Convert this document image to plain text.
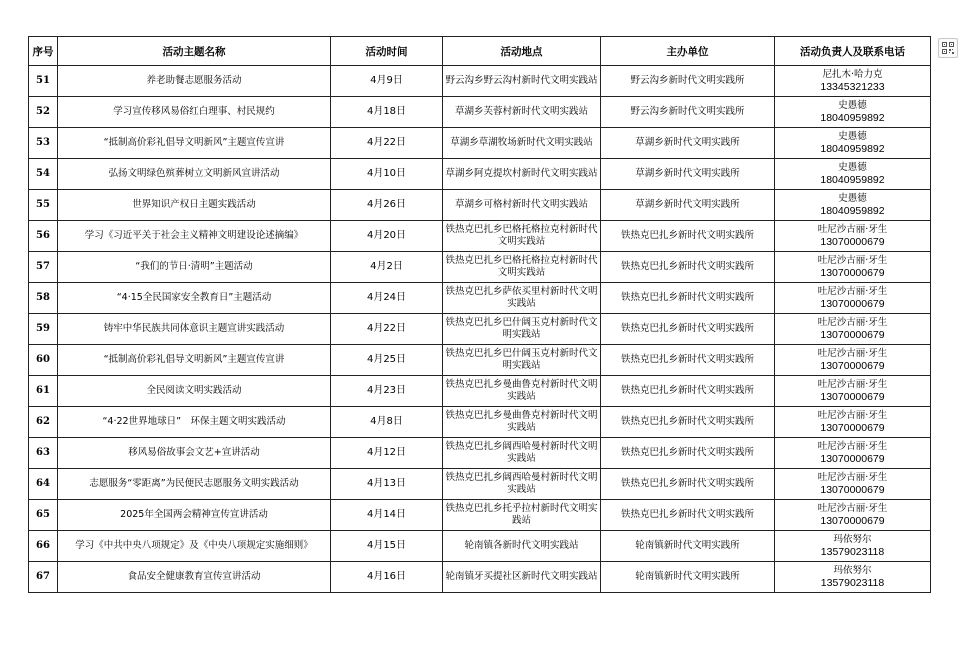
序号	活动主题名称	活动时间	活动地点	主办单位	活动负责人及联系电话
51	养老助餐志愿服务活动	4月9日	野云沟乡野云沟村新时代文明实践站	野云沟乡新时代文明实践所	尼扎木·哈力克
13345321233

52	学习宣传移风易俗红白理事、村民规约	4月18日	草湖乡芙蓉村新时代文明实践站	野云沟乡新时代文明实践所	史愚德
18040959892

53	“抵制高价彩礼倡导文明新风”主题宣传宣讲	4月22日	草湖乡草湖牧场新时代文明实践站	草湖乡新时代文明实践所	史愚德
18040959892

54	弘扬文明绿色殡葬树立文明新风宣讲活动	4月10日	草湖乡阿克提坎村新时代文明实践站	草湖乡新时代文明实践所	史愚德
18040959892

55	世界知识产权日主题实践活动	4月26日	草湖乡可格村新时代文明实践站	草湖乡新时代文明实践所	史愚德
18040959892

56	学习《习近平关于社会主义精神文明建设论述摘编》	4月20日	铁热克巴扎乡巴格托格拉克村新时代文明实践站	铁热克巴扎乡新时代文明实践所	吐尼沙古丽·牙生
13070000679

57	“我们的节日·清明”主题活动	4月2日	铁热克巴扎乡巴格托格拉克村新时代文明实践站	铁热克巴扎乡新时代文明实践所	吐尼沙古丽·牙生
13070000679

58	“4·15全民国家安全教育日”主题活动	4月24日	铁热克巴扎乡萨依买里村新时代文明实践站	铁热克巴扎乡新时代文明实践所	吐尼沙古丽·牙生
13070000679

59	铸牢中华民族共同体意识主题宣讲实践活动	4月22日	铁热克巴扎乡巴什阔玉克村新时代文明实践站	铁热克巴扎乡新时代文明实践所	吐尼沙古丽·牙生
13070000679

60	“抵制高价彩礼倡导文明新风”主题宣传宣讲	4月25日	铁热克巴扎乡巴什阔玉克村新时代文明实践站	铁热克巴扎乡新时代文明实践所	吐尼沙古丽·牙生
13070000679

61	全民阅读文明实践活动	4月23日	铁热克巴扎乡曼曲鲁克村新时代文明实践站	铁热克巴扎乡新时代文明实践所	吐尼沙古丽·牙生
13070000679

62	“4·22世界地球日”　环保主题文明实践活动	4月8日	铁热克巴扎乡曼曲鲁克村新时代文明实践站	铁热克巴扎乡新时代文明实践所	吐尼沙古丽·牙生
13070000679

63	移风易俗故事会文艺+宣讲活动	4月12日	铁热克巴扎乡阔西哈曼村新时代文明实践站	铁热克巴扎乡新时代文明实践所	吐尼沙古丽·牙生
13070000679

64	志愿服务“零距离”为民便民志愿服务文明实践活动	4月13日	铁热克巴扎乡阔西哈曼村新时代文明实践站	铁热克巴扎乡新时代文明实践所	吐尼沙古丽·牙生
13070000679

65	2025年全国两会精神宣传宣讲活动	4月14日	铁热克巴扎乡托乎拉村新时代文明实践站	铁热克巴扎乡新时代文明实践所	吐尼沙古丽·牙生
13070000679

66	学习《中共中央八项规定》及《中央八项规定实施细则》	4月15日	轮南镇各新时代文明实践站	轮南镇新时代文明实践所	玛依努尔
13579023118

67	食品安全健康教育宣传宣讲活动	4月16日	轮南镇牙买提社区新时代文明实践站	轮南镇新时代文明实践所	玛依努尔
13579023118
